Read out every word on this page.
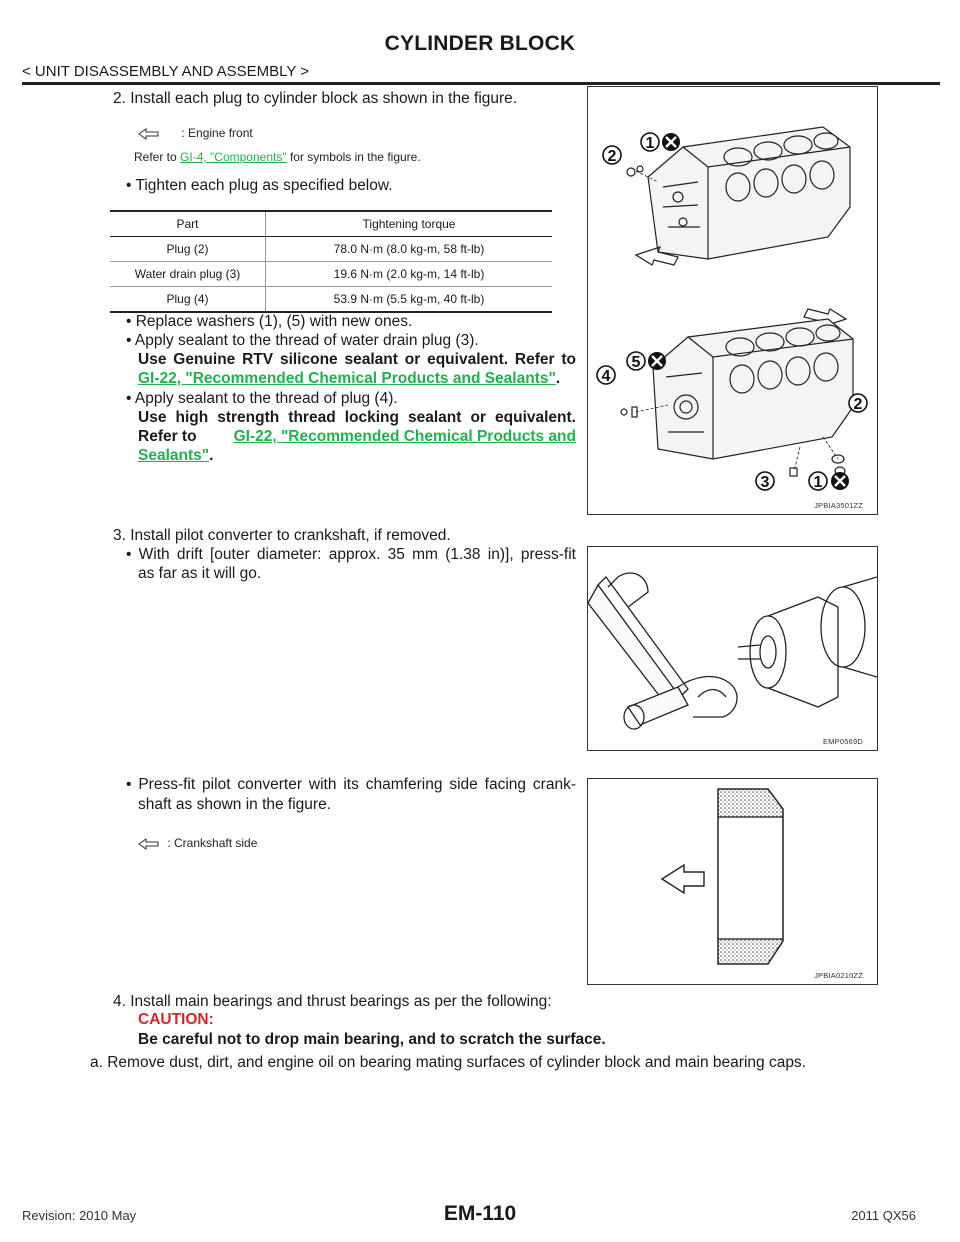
CYLINDER BLOCK
< UNIT DISASSEMBLY AND ASSEMBLY >
2. Install each plug to cylinder block as shown in the figure.
: Engine front
Refer to GI-4, "Components" for symbols in the figure.
• Tighten each plug as specified below.
Part	Tightening torque
Plug (2)	78.0 N·m (8.0 kg-m, 58 ft-lb)
Water drain plug (3)	19.6 N·m (2.0 kg-m, 14 ft-lb)
Plug (4)	53.9 N·m (5.5 kg-m, 40 ft-lb)
• Replace washers (1), (5) with new ones.
• Apply sealant to the thread of water drain plug (3).
Use Genuine RTV silicone sealant or equivalent. Refer to
GI-22, "Recommended Chemical Products and Sealants".
• Apply sealant to the thread of plug (4).
Use high strength thread locking sealant or equivalent.
Refer to GI-22, "Recommended Chemical Products and
Sealants".
1
2
5
4
2
3	1
JPBIA3501ZZ
3. Install pilot converter to crankshaft, if removed.
• With drift [outer diameter: approx. 35 mm (1.38 in)], press-fit
as far as it will go.
EMP0569D
• Press-fit pilot converter with its chamfering side facing crank-
shaft as shown in the figure.
: Crankshaft side
JPBIA0210ZZ
4. Install main bearings and thrust bearings as per the following:
CAUTION:
Be careful not to drop main bearing, and to scratch the surface.
a. Remove dust, dirt, and engine oil on bearing mating surfaces of cylinder block and main bearing caps.
Revision: 2010 May	EM-110	2011 QX56
